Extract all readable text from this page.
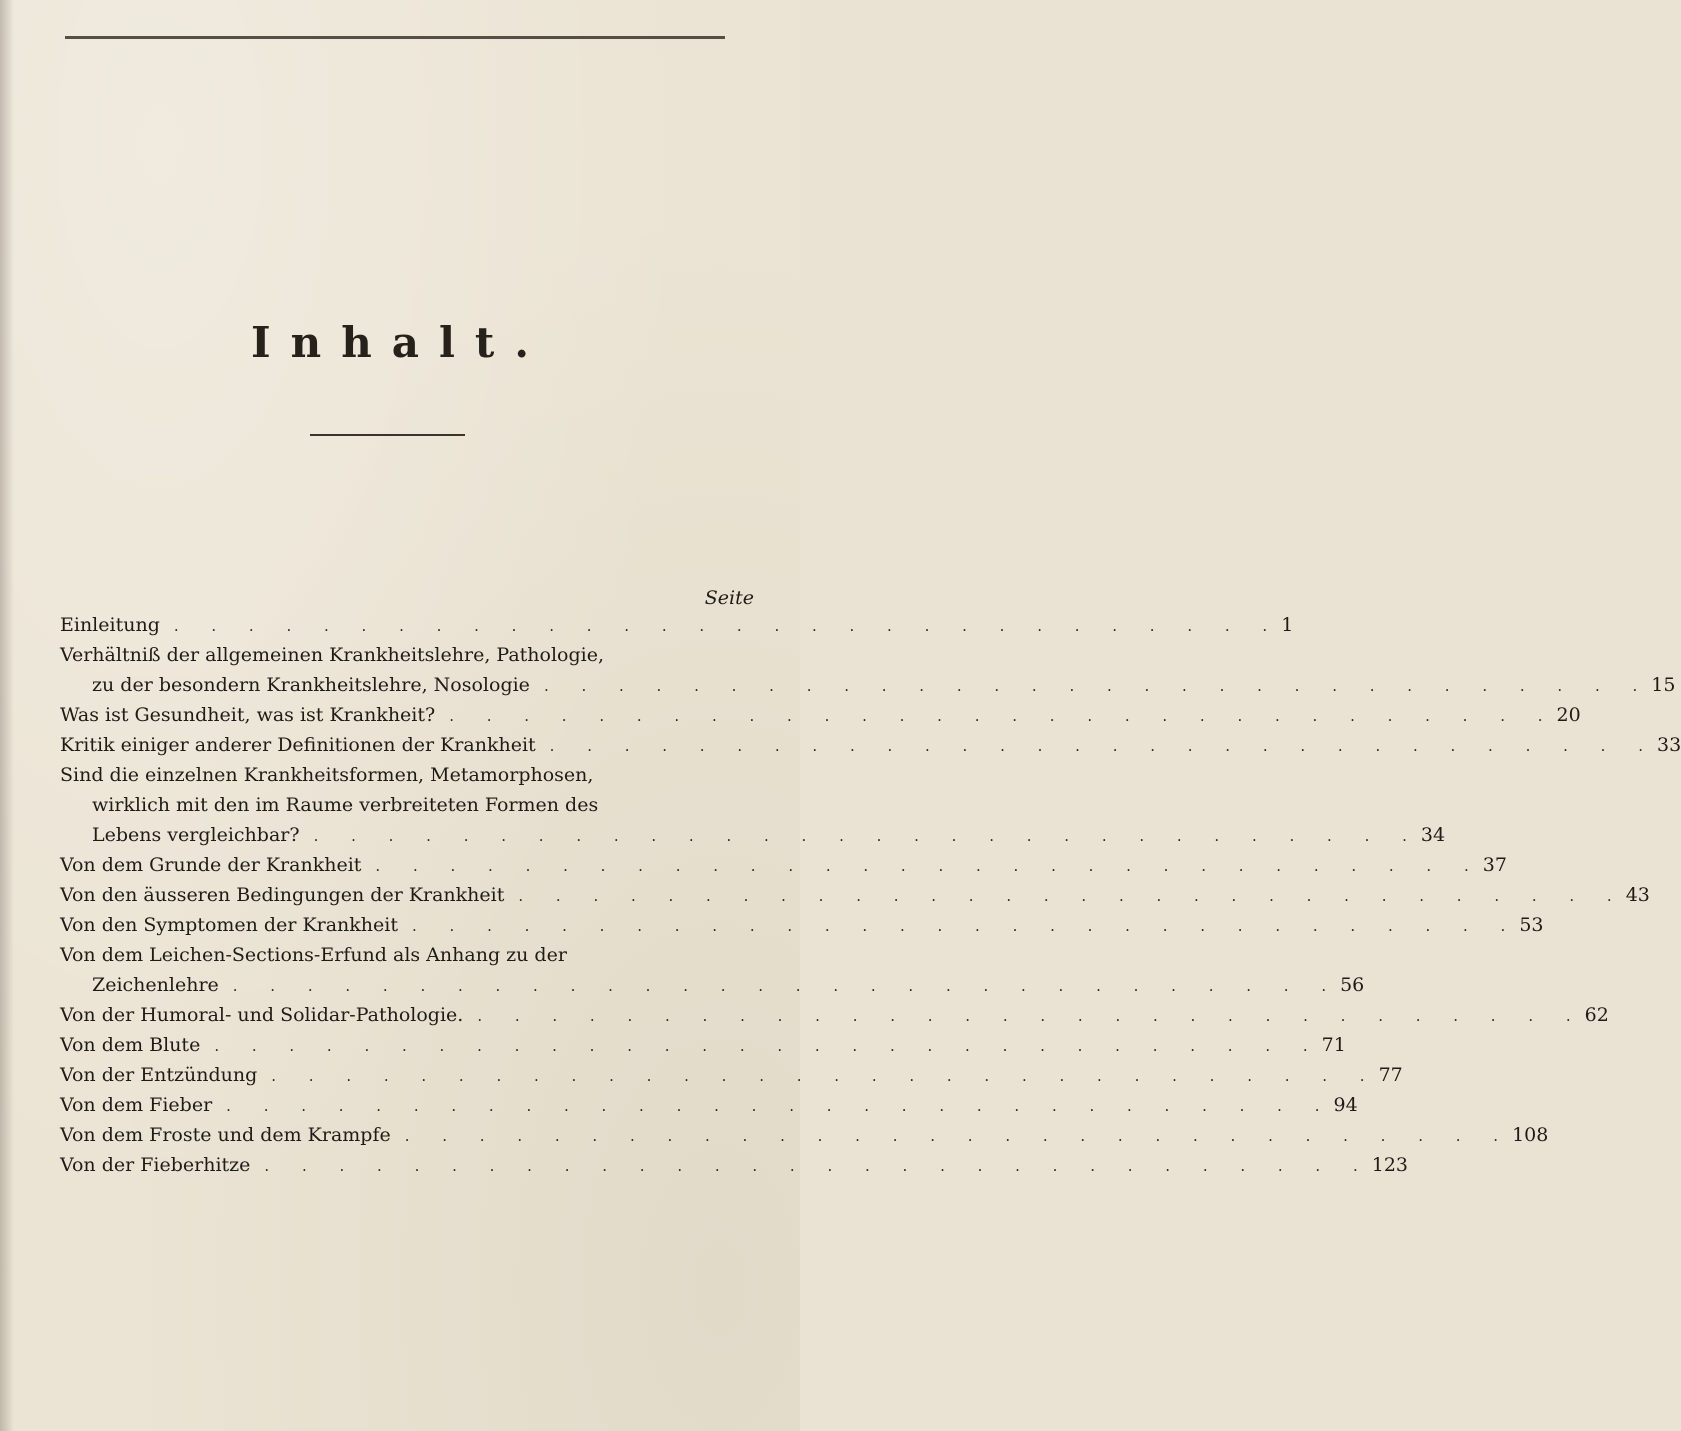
Inhalt.
Seite
Einleitung . . . . . . . . . . . . . . . . . . . . . . . . . . . . . . 1
Verhältniß der allgemeinen Krankheitslehre, Pathologie,
zu der besondern Krankheitslehre, Nosologie . . . . . . . . . . . . . . . . . . . . . . . . . . . . . . 15
Was ist Gesundheit, was ist Krankheit? . . . . . . . . . . . . . . . . . . . . . . . . . . . . . . 20
Kritik einiger anderer Definitionen der Krankheit . . . . . . . . . . . . . . . . . . . . . . . . . . . . . . 33
Sind die einzelnen Krankheitsformen, Metamorphosen,
wirklich mit den im Raume verbreiteten Formen des
Lebens vergleichbar? . . . . . . . . . . . . . . . . . . . . . . . . . . . . . . 34
Von dem Grunde der Krankheit . . . . . . . . . . . . . . . . . . . . . . . . . . . . . . 37
Von den äusseren Bedingungen der Krankheit . . . . . . . . . . . . . . . . . . . . . . . . . . . . . . 43
Von den Symptomen der Krankheit . . . . . . . . . . . . . . . . . . . . . . . . . . . . . . 53
Von dem Leichen-Sections-Erfund als Anhang zu der
Zeichenlehre . . . . . . . . . . . . . . . . . . . . . . . . . . . . . . 56
Von der Humoral- und Solidar-Pathologie. . . . . . . . . . . . . . . . . . . . . . . . . . . . . . . 62
Von dem Blute . . . . . . . . . . . . . . . . . . . . . . . . . . . . . . 71
Von der Entzündung . . . . . . . . . . . . . . . . . . . . . . . . . . . . . . 77
Von dem Fieber . . . . . . . . . . . . . . . . . . . . . . . . . . . . . . 94
Von dem Froste und dem Krampfe . . . . . . . . . . . . . . . . . . . . . . . . . . . . . . 108
Von der Fieberhitze . . . . . . . . . . . . . . . . . . . . . . . . . . . . . . 123
